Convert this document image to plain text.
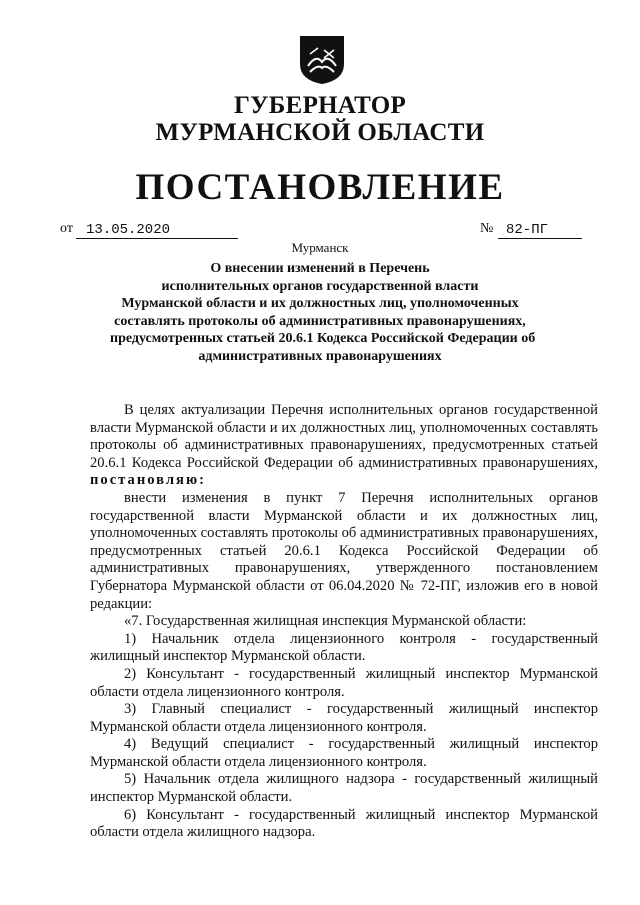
ГУБЕРНАТОР
МУРМАНСКОЙ ОБЛАСТИ
ПОСТАНОВЛЕНИЕ
от 13.05.2020	№ 82-ПГ
Мурманск
О внесении изменений в Перечень
исполнительных органов государственной власти
Мурманской области и их должностных лиц, уполномоченных
составлять протоколы об административных правонарушениях,
предусмотренных статьей 20.6.1 Кодекса Российской Федерации об
административных правонарушениях

В целях актуализации Перечня исполнительных органов государственной власти Мурманской области и их должностных лиц, уполномоченных составлять протоколы об административных правонарушениях, предусмотренных статьей 20.6.1 Кодекса Российской Федерации об административных правонарушениях, постановляю:

внести изменения в пункт 7 Перечня исполнительных органов государственной власти Мурманской области и их должностных лиц, уполномоченных составлять протоколы об административных правонарушениях, предусмотренных статьей 20.6.1 Кодекса Российской Федерации об административных правонарушениях, утвержденного постановлением Губернатора Мурманской области от 06.04.2020 № 72-ПГ, изложив его в новой редакции:

«7. Государственная жилищная инспекция Мурманской области:

1) Начальник отдела лицензионного контроля - государственный жилищный инспектор Мурманской области.

2) Консультант - государственный жилищный инспектор Мурманской области отдела лицензионного контроля.

3) Главный специалист - государственный жилищный инспектор Мурманской области отдела лицензионного контроля.

4) Ведущий специалист - государственный жилищный инспектор Мурманской области отдела лицензионного контроля.

5) Начальник отдела жилищного надзора - государственный жилищный инспектор Мурманской области.

6) Консультант - государственный жилищный инспектор Мурманской области отдела жилищного надзора.
